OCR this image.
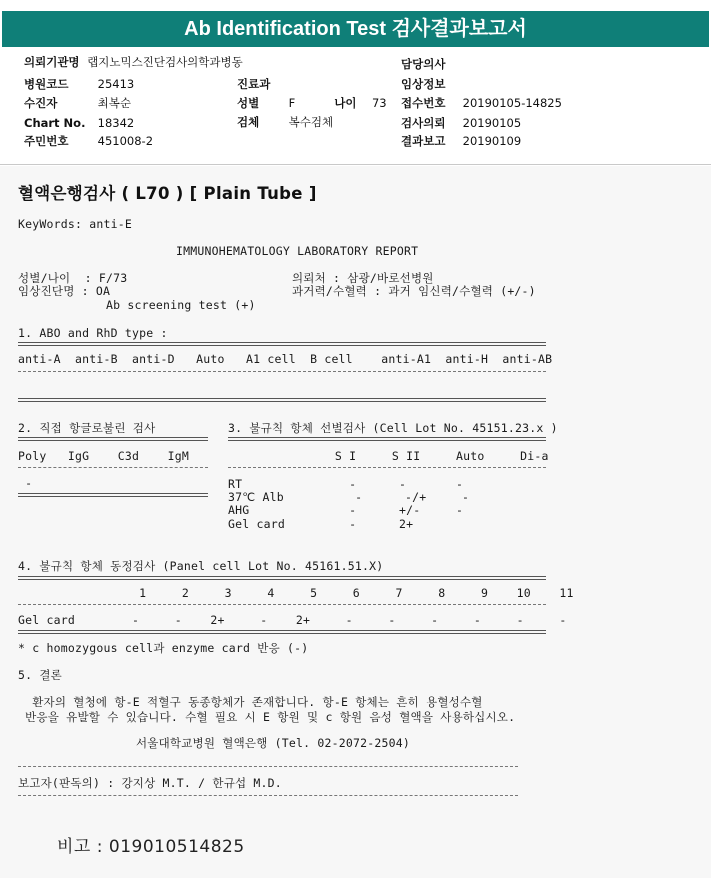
Ab Identification Test 검사결과보고서
의뢰기관명 랩지노믹스진단검사의학과병동
병원코드	25413
수진자	최복순
Chart No. 18342
주민번호	451008-2
진료과
성별	F	나이 73
검체	복수검체
담당의사
임상정보
접수번호 20190105-14825
검사의뢰 20190105
결과보고 20190109
혈액은행검사 ( L70 ) [ Plain Tube ]
KeyWords: anti-E
IMMUNOHEMATOLOGY LABORATORY REPORT
성별/나이  : F/73
임상진단명 : OA
Ab screening test (+)
의뢰처 : 삼광/바로선병원
과거력/수혈력 : 과거 임신력/수혈력 (+/-)
1. ABO and RhD type :
anti-A  anti-B  anti-D   Auto   A1 cell  B cell    anti-A1  anti-H  anti-AB
2. 직접 항글로불린 검사
Poly   IgG    C3d    IgM
-
3. 불규칙 항체 선별검사 (Cell Lot No. 45151.23.x )
S I     S II     Auto     Di-a
RT               -      -       -
37℃ Alb          -      -/+     -
AHG              -      +/-     -
Gel card         -      2+
4. 불규칙 항체 동정검사 (Panel cell Lot No. 45161.51.X)
1     2     3     4     5     6     7     8     9    10    11
Gel card        -     -    2+     -    2+     -     -     -     -     -     -
* c homozygous cell과 enzyme card 반응 (-)
5. 결론
환자의 혈청에 항-E 적혈구 동종항체가 존재합니다. 항-E 항체는 흔히 용혈성수혈
반응을 유발할 수 있습니다. 수혈 필요 시 E 항원 및 c 항원 음성 혈액을 사용하십시오.
서울대학교병원 혈액은행 (Tel. 02-2072-2504)
보고자(판독의) : 강지상 M.T. / 한규섭 M.D.
비고 : 019010514825
